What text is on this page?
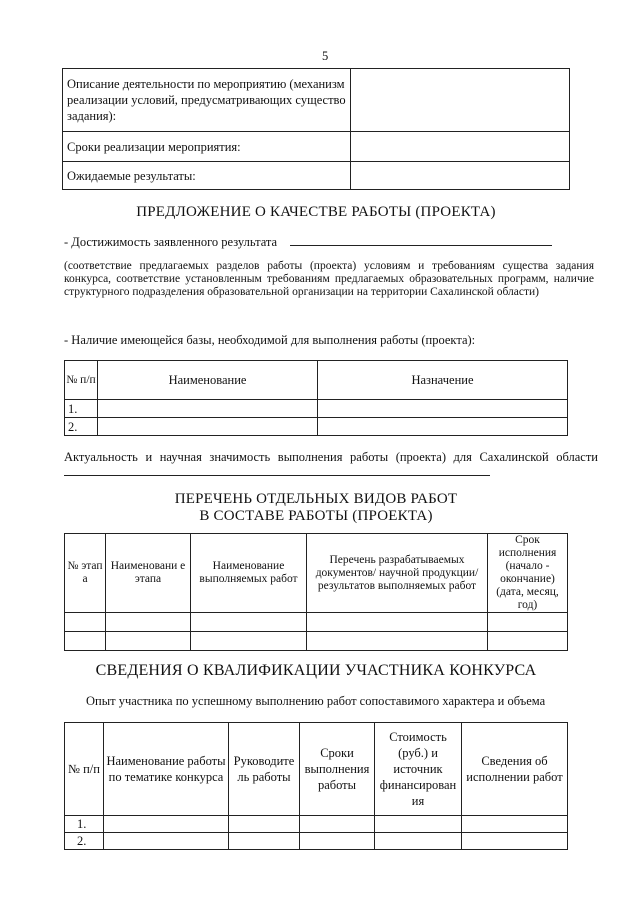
5
Описание деятельности по мероприятию (механизм реализации условий, предусматривающих существо задания):	
Сроки реализации мероприятия:	
Ожидаемые результаты:	
ПРЕДЛОЖЕНИЕ О КАЧЕСТВЕ РАБОТЫ (ПРОЕКТА)
- Достижимость заявленного результата
(соответствие предлагаемых разделов работы (проекта) условиям и требованиям существа задания конкурса, соответствие установленным требованиям предлагаемых образовательных программ, наличие структурного подразделения образовательной организации на территории Сахалинской области)
- Наличие имеющейся базы, необходимой для выполнения работы (проекта):
№ п/п	Наименование	Назначение
1.		
2.		
Актуальность и научная значимость выполнения работы (проекта) для Сахалинской области
ПЕРЕЧЕНЬ ОТДЕЛЬНЫХ ВИДОВ РАБОТ
В СОСТАВЕ РАБОТЫ (ПРОЕКТА)
№ этап а	Наименовани е этапа	Наименование выполняемых работ	Перечень разрабатываемых документов/ научной продукции/результатов выполняемых работ	Срок исполнения (начало - окончание) (дата, месяц, год)

СВЕДЕНИЯ О КВАЛИФИКАЦИИ УЧАСТНИКА КОНКУРСА
Опыт участника по успешному выполнению работ сопоставимого характера и объема
№ п/п	Наименование работы по тематике конкурса	Руководите ль работы	Сроки выполнения работы	Стоимость (руб.) и источник финансирован ия	Сведения об исполнении работ
1.					
2.					
